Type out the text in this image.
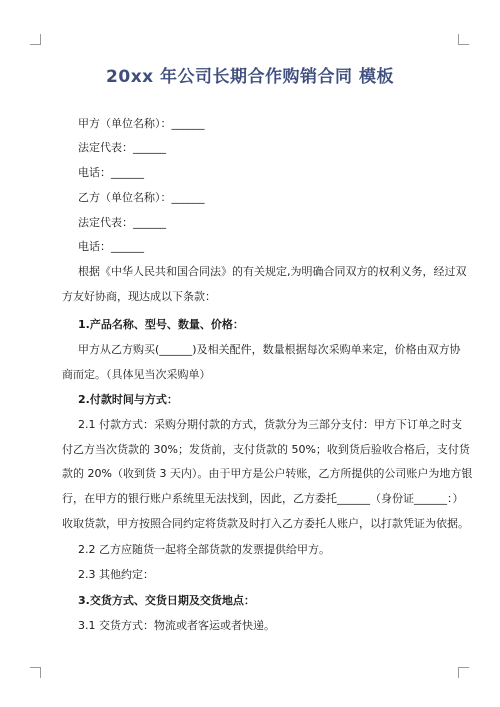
20xx 年公司长期合作购销合同 模板
甲方（单位名称）：______
法定代表：______
电话：______
乙方（单位名称）：______
法定代表：______
电话：______
根据《中华人民共和国合同法》的有关规定,为明确合同双方的权利义务，经过双
方友好协商，现达成以下条款：
1.产品名称、型号、数量、价格：
甲方从乙方购买(______)及相关配件，数量根据每次采购单来定，价格由双方协
商而定。（具体见当次采购单）
2.付款时间与方式：
2.1 付款方式：采购分期付款的方式，货款分为三部分支付：甲方下订单之时支
付乙方当次货款的 30%；发货前，支付货款的 50%；收到货后验收合格后，支付货
款的 20%（收到货 3 天内）。由于甲方是公户转账，乙方所提供的公司账户为地方银
行，在甲方的银行账户系统里无法找到，因此，乙方委托______（身份证______：）
收取货款，甲方按照合同约定将货款及时打入乙方委托人账户，以打款凭证为依据。
2.2 乙方应随货一起将全部货款的发票提供给甲方。
2.3 其他约定：
3.交货方式、交货日期及交货地点：
3.1 交货方式：物流或者客运或者快递。
